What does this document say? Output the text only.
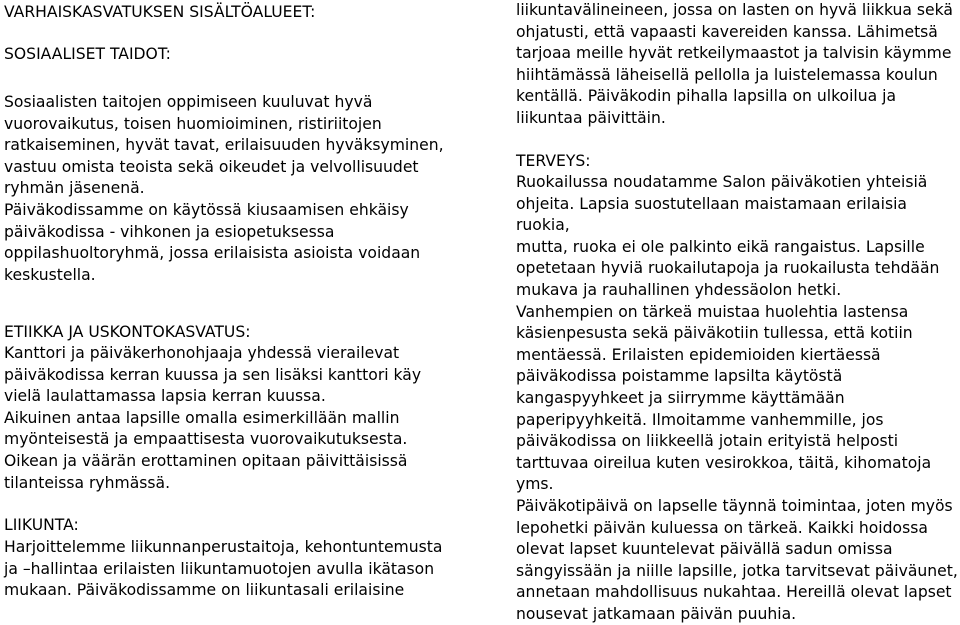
VARHAISKASVATUKSEN SISÄLTÖALUEET:

SOSIAALISET TAIDOT:

Sosiaalisten taitojen oppimiseen kuuluvat hyvä
vuorovaikutus, toisen huomioiminen, ristiriitojen
ratkaiseminen, hyvät tavat, erilaisuuden hyväksyminen,
vastuu omista teoista sekä oikeudet ja velvollisuudet
ryhmän jäsenenä.
Päiväkodissamme on käytössä kiusaamisen ehkäisy
päiväkodissa - vihkonen ja esiopetuksessa
oppilashuoltoryhmä, jossa erilaisista asioista voidaan
keskustella.

ETIIKKA JA USKONTOKASVATUS:

Kanttori ja päiväkerhonohjaaja yhdessä vierailevat
päiväkodissa kerran kuussa ja sen lisäksi kanttori käy
vielä laulattamassa lapsia kerran kuussa.
Aikuinen antaa lapsille omalla esimerkillään mallin
myönteisestä ja empaattisesta vuorovaikutuksesta.
Oikean ja väärän erottaminen opitaan päivittäisissä
tilanteissa ryhmässä.

LIIKUNTA:

Harjoittelemme liikunnanperustaitoja, kehontuntemusta
ja –hallintaa erilaisten liikuntamuotojen avulla ikätason
mukaan. Päiväkodissamme on liikuntasali erilaisine

liikuntavälineineen, jossa on lasten on hyvä liikkua sekä
ohjatusti, että vapaasti kavereiden kanssa. Lähimetsä
tarjoaa meille hyvät retkeilymaastot ja talvisin käymme
hiihtämässä läheisellä pellolla ja luistelemassa koulun
kentällä. Päiväkodin pihalla lapsilla on ulkoilua ja
liikuntaa päivittäin.

TERVEYS:

Ruokailussa noudatamme Salon päiväkotien yhteisiä
ohjeita. Lapsia suostutellaan maistamaan erilaisia ruokia,
mutta, ruoka ei ole palkinto eikä rangaistus. Lapsille
opetetaan hyviä ruokailutapoja ja ruokailusta tehdään
mukava ja rauhallinen yhdessäolon hetki.
Vanhempien on tärkeä muistaa huolehtia lastensa
käsienpesusta sekä päiväkotiin tullessa, että kotiin
mentäessä. Erilaisten epidemioiden kiertäessä
päiväkodissa poistamme lapsilta käytöstä
kangaspyyhkeet ja siirrymme käyttämään
paperipyyhkeitä. Ilmoitamme vanhemmille, jos
päiväkodissa on liikkeellä jotain erityistä helposti
tarttuvaa oireilua kuten vesirokkoa, täitä, kihomatoja
yms.
Päiväkotipäivä on lapselle täynnä toimintaa, joten myös
lepohetki päivän kuluessa on tärkeä. Kaikki hoidossa
olevat lapset kuuntelevat päivällä sadun omissa
sängyissään ja niille lapsille, jotka tarvitsevat päiväunet,
annetaan mahdollisuus nukahtaa. Hereillä olevat lapset
nousevat jatkamaan päivän puuhia.
